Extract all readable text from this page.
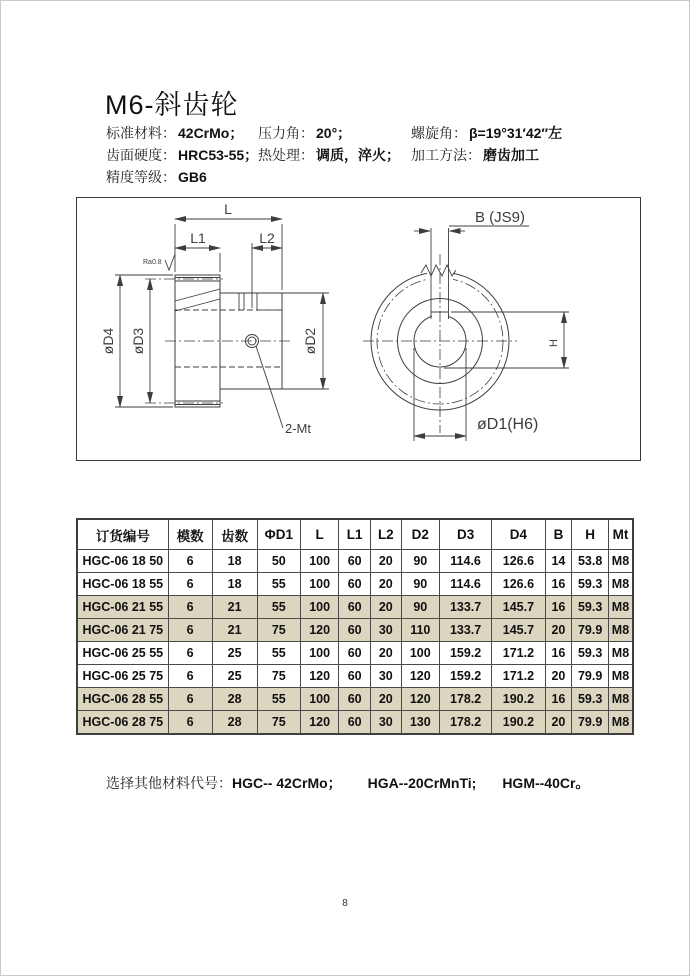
M6-斜齿轮
标准材料： 42CrMo； 压力角： 20°；	螺旋角： β=19°31′42″左
齿面硬度： HRC53-55； 热处理： 调质，淬火； 加工方法： 磨齿加工
精度等级： GB6
2-Mt
Ra0.8
L
L1	L2
øD4 øD3	øD2
B (JS9)
H
øD1(H6)
订货编号	模数	齿数	ΦD1	L	L1	L2	D2	D3	D4	B	H	Mt
HGC-06 18 50	6	18	50	100	60	20	90	114.6	126.6	14	53.8	M8
HGC-06 18 55	6	18	55	100	60	20	90	114.6	126.6	16	59.3	M8
HGC-06 21 55	6	21	55	100	60	20	90	133.7	145.7	16	59.3	M8
HGC-06 21 75	6	21	75	120	60	30	110	133.7	145.7	20	79.9	M8
HGC-06 25 55	6	25	55	100	60	20	100	159.2	171.2	16	59.3	M8
HGC-06 25 75	6	25	75	120	60	30	120	159.2	171.2	20	79.9	M8
HGC-06 28 55	6	28	55	100	60	20	120	178.2	190.2	16	59.3	M8
HGC-06 28 75	6	28	75	120	60	30	130	178.2	190.2	20	79.9	M8
选择其他材料代号：HGC-- 42CrMo； HGA--20CrMnTi; HGM--40Cr。
8
